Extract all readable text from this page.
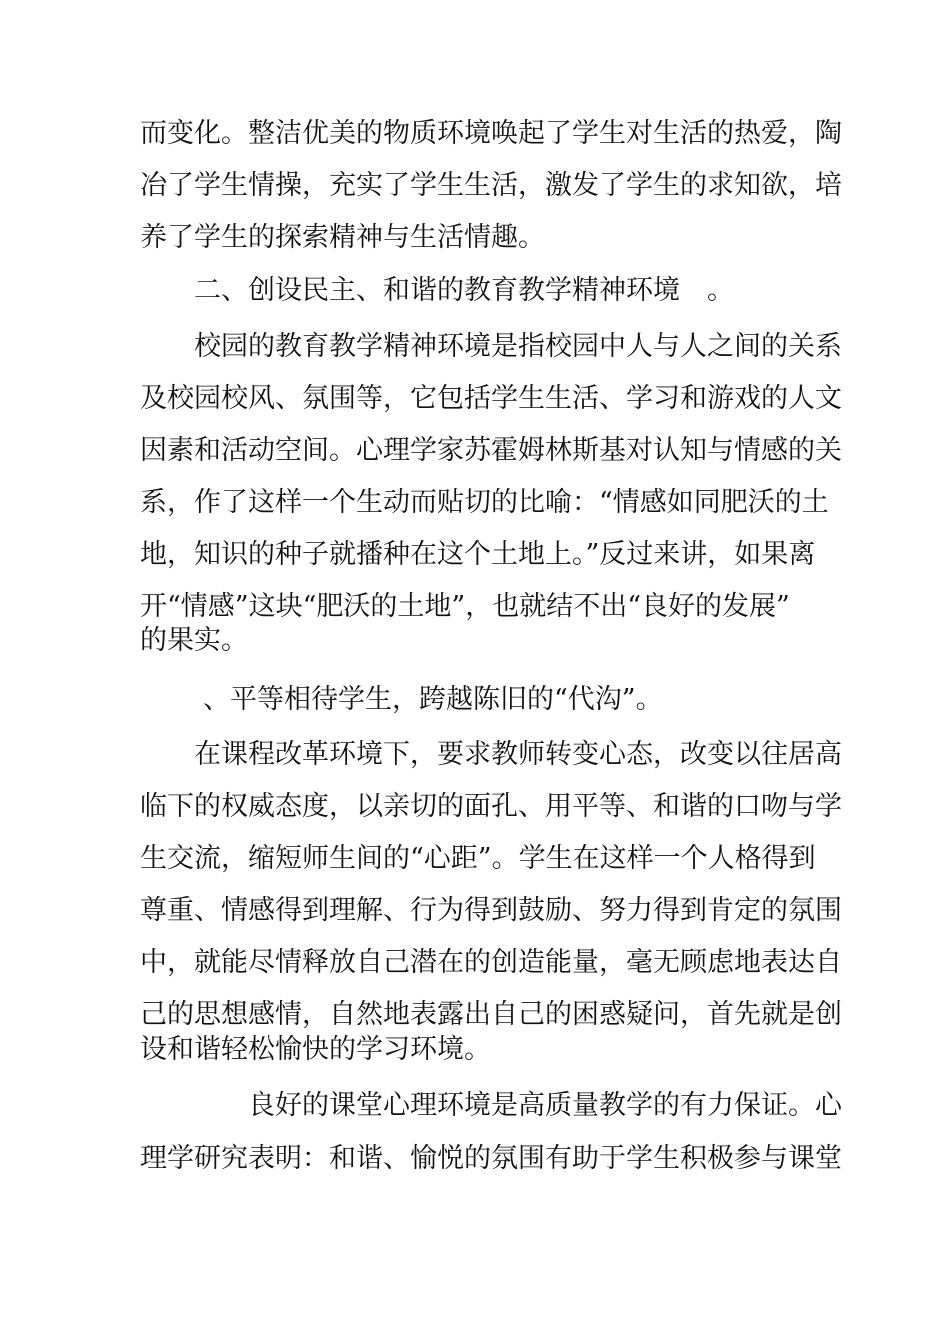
而变化。整洁优美的物质环境唤起了学生对生活的热爱，陶
冶了学生情操，充实了学生生活，激发了学生的求知欲，培
养了学生的探索精神与生活情趣。
二、创设民主、和谐的教育教学精神环境　。
校园的教育教学精神环境是指校园中人与人之间的关系
及校园校风、氛围等，它包括学生生活、学习和游戏的人文
因素和活动空间。心理学家苏霍姆林斯基对认知与情感的关
系，作了这样一个生动而贴切的比喻：“情感如同肥沃的土
地，知识的种子就播种在这个土地上。”反过来讲，如果离
开“情感”这块“肥沃的土地”，也就结不出“良好的发展”
的果实。
、平等相待学生，跨越陈旧的“代沟”。
在课程改革环境下，要求教师转变心态，改变以往居高
临下的权威态度，以亲切的面孔、用平等、和谐的口吻与学
生交流，缩短师生间的“心距”。学生在这样一个人格得到
尊重、情感得到理解、行为得到鼓励、努力得到肯定的氛围
中，就能尽情释放自己潜在的创造能量，毫无顾虑地表达自
己的思想感情，自然地表露出自己的困惑疑问，首先就是创
设和谐轻松愉快的学习环境。
良好的课堂心理环境是高质量教学的有力保证。心
理学研究表明：和谐、愉悦的氛围有助于学生积极参与课堂
